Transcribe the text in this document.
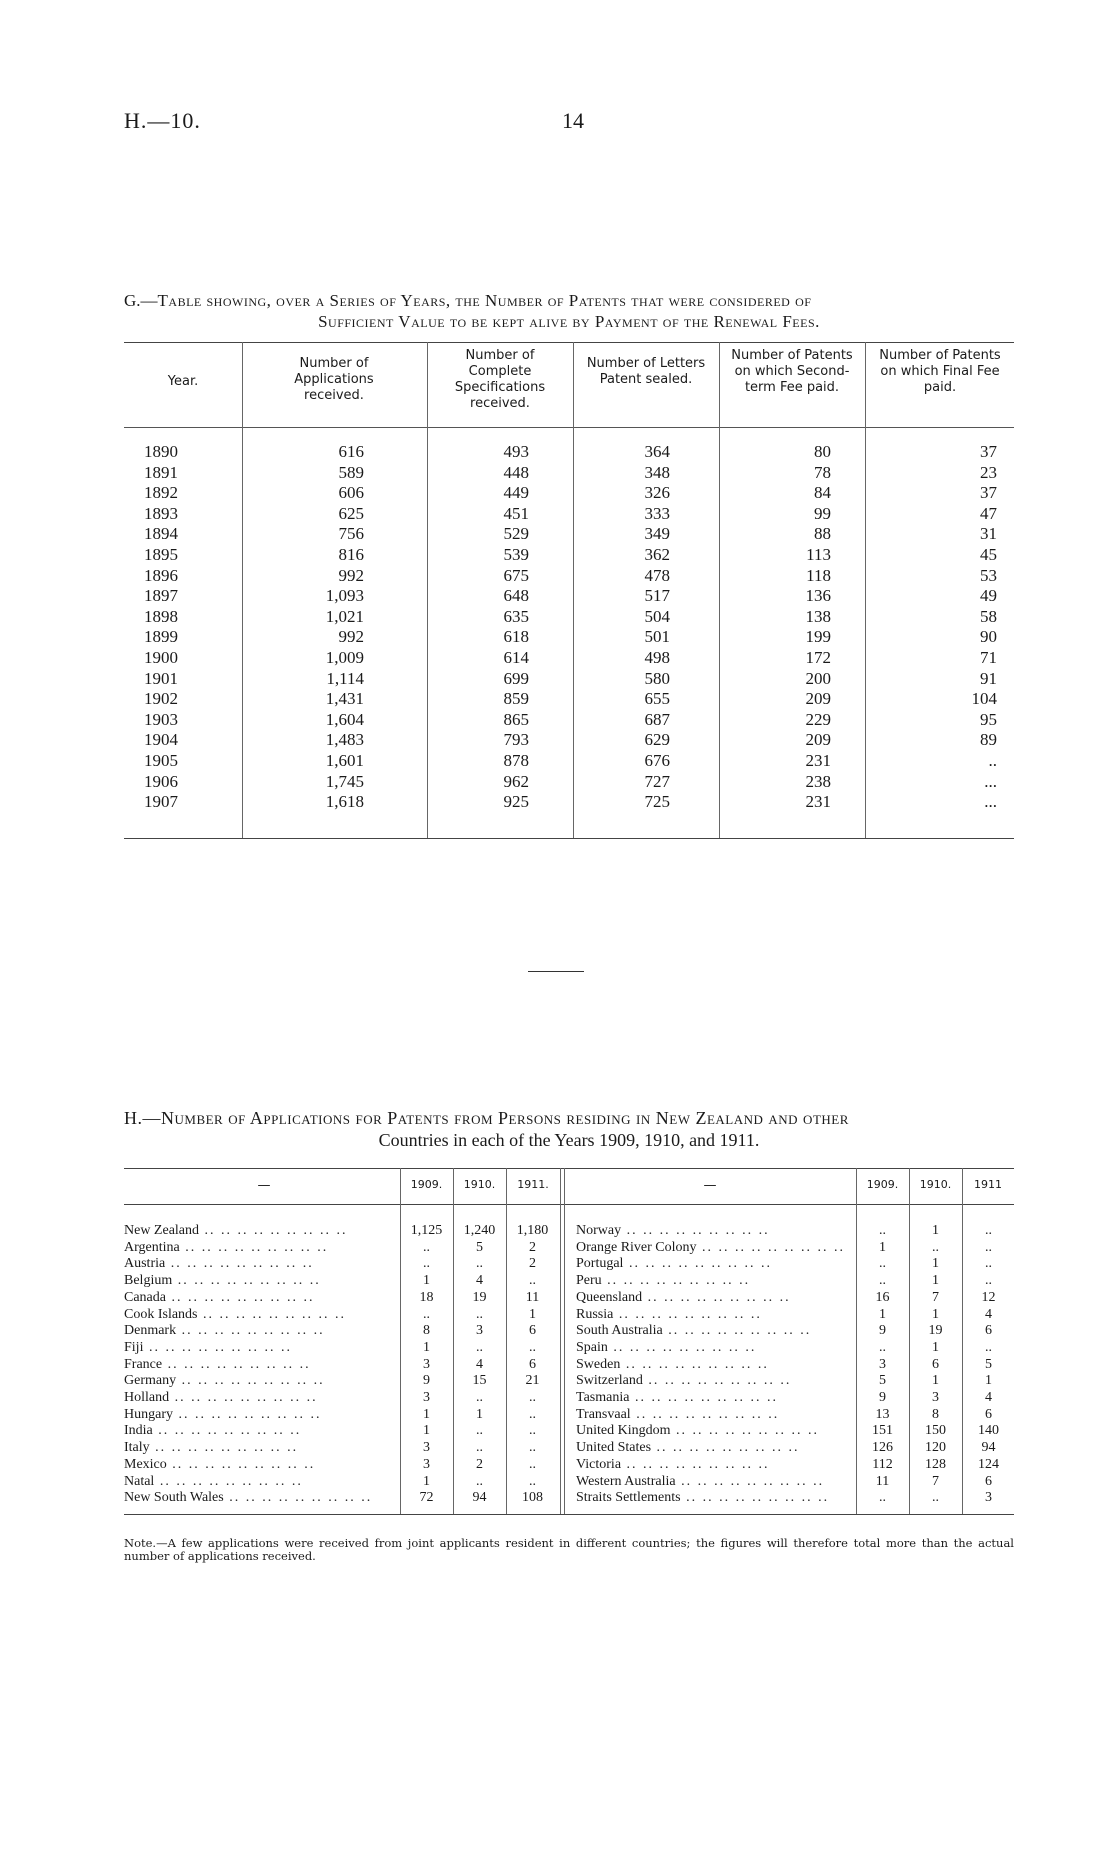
H.—10.	14
G.—Table showing, over a Series of Years, the Number of Patents that were considered of
Sufficient Value to be kept alive by Payment of the Renewal Fees.
Year.
Number of Applications received.
Number of Complete Specifications received.
Number of Letters Patent sealed.
Number of Patents on which Second-term Fee paid.
Number of Patents on which Final Fee paid.
1890	616	493	364	80	37
1891	589	448	348	78	23
1892	606	449	326	84	37
1893	625	451	333	99	47
1894	756	529	349	88	31
1895	816	539	362	113	45
1896	992	675	478	118	53
1897	1,093	648	517	136	49
1898	1,021	635	504	138	58
1899	992	618	501	199	90
1900	1,009	614	498	172	71
1901	1,114	699	580	200	91
1902	1,431	859	655	209	104
1903	1,604	865	687	229	95
1904	1,483	793	629	209	89
1905	1,601	878	676	231	..
1906	1,745	962	727	238	...
1907	1,618	925	725	231	...
H.—Number of Applications for Patents from Persons residing in New Zealand and other
Countries in each of the Years 1909, 1910, and 1911.
—	1909.	1910.	1911.	—	1909.	1910.	1911
New Zealand .. .. .. .. .. .. .. .. ..	1,125	1,240	1,180
Argentina .. .. .. .. .. .. .. .. ..	..	5	2
Austria .. .. .. .. .. .. .. .. ..	..	..	2
Belgium .. .. .. .. .. .. .. .. ..	1	4	..
Canada .. .. .. .. .. .. .. .. ..	18	19	11
Cook Islands .. .. .. .. .. .. .. .. ..	..	..	1
Denmark .. .. .. .. .. .. .. .. ..	8	3	6
Fiji .. .. .. .. .. .. .. .. ..	1	..	..
France .. .. .. .. .. .. .. .. ..	3	4	6
Germany .. .. .. .. .. .. .. .. ..	9	15	21
Holland .. .. .. .. .. .. .. .. ..	3	..	..
Hungary .. .. .. .. .. .. .. .. ..	1	1	..
India .. .. .. .. .. .. .. .. ..	1	..	..
Italy .. .. .. .. .. .. .. .. ..	3	..	..
Mexico .. .. .. .. .. .. .. .. ..	3	2	..
Natal .. .. .. .. .. .. .. .. ..	1	..	..
New South Wales .. .. .. .. .. .. .. .. ..	72	94	108
Norway .. .. .. .. .. .. .. .. ..	..	1	..
Orange River Colony .. .. .. .. .. .. .. .. ..	1	..	..
Portugal .. .. .. .. .. .. .. .. ..	..	1	..
Peru .. .. .. .. .. .. .. .. ..	..	1	..
Queensland .. .. .. .. .. .. .. .. ..	16	7	12
Russia .. .. .. .. .. .. .. .. ..	1	1	4
South Australia .. .. .. .. .. .. .. .. ..	9	19	6
Spain .. .. .. .. .. .. .. .. ..	..	1	..
Sweden .. .. .. .. .. .. .. .. ..	3	6	5
Switzerland .. .. .. .. .. .. .. .. ..	5	1	1
Tasmania .. .. .. .. .. .. .. .. ..	9	3	4
Transvaal .. .. .. .. .. .. .. .. ..	13	8	6
United Kingdom .. .. .. .. .. .. .. .. ..	151	150	140
United States .. .. .. .. .. .. .. .. ..	126	120	94
Victoria .. .. .. .. .. .. .. .. ..	112	128	124
Western Australia .. .. .. .. .. .. .. .. ..	11	7	6
Straits Settlements .. .. .. .. .. .. .. .. ..	..	..	3
Note.—A few applications were received from joint applicants resident in different countries; the figures will therefore total more than the actual number of applications received.
